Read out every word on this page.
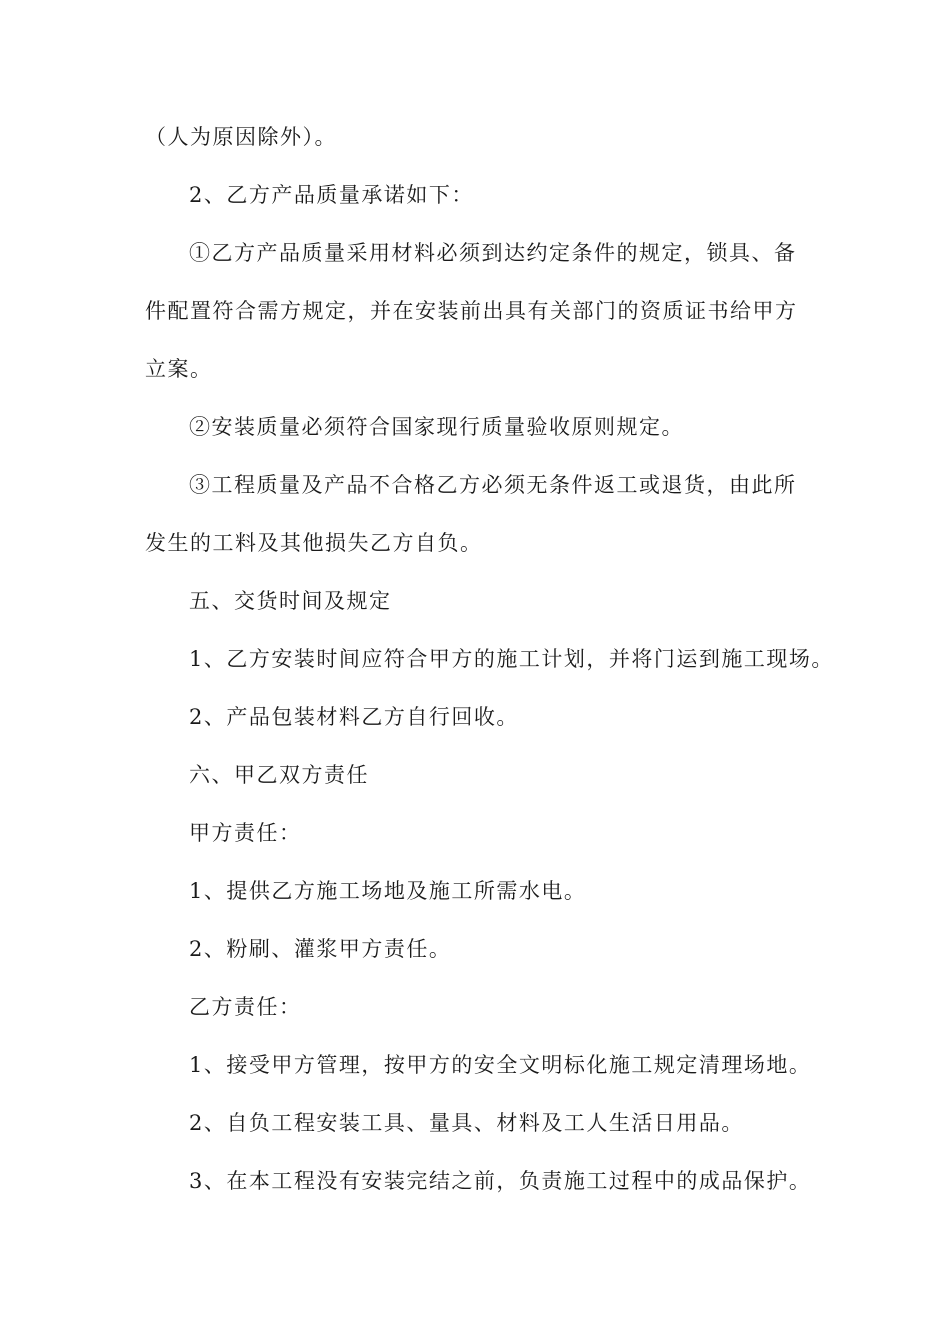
（人为原因除外）。
2、乙方产品质量承诺如下：
①乙方产品质量采用材料必须到达约定条件的规定，锁具、备
件配置符合需方规定，并在安装前出具有关部门的资质证书给甲方
立案。
②安装质量必须符合国家现行质量验收原则规定。
③工程质量及产品不合格乙方必须无条件返工或退货，由此所
发生的工料及其他损失乙方自负。
五、交货时间及规定
1、乙方安装时间应符合甲方的施工计划，并将门运到施工现场。
2、产品包装材料乙方自行回收。
六、甲乙双方责任
甲方责任：
1、提供乙方施工场地及施工所需水电。
2、粉刷、灌浆甲方责任。
乙方责任：
1、接受甲方管理，按甲方的安全文明标化施工规定清理场地。
2、自负工程安装工具、量具、材料及工人生活日用品。
3、在本工程没有安装完结之前，负责施工过程中的成品保护。
